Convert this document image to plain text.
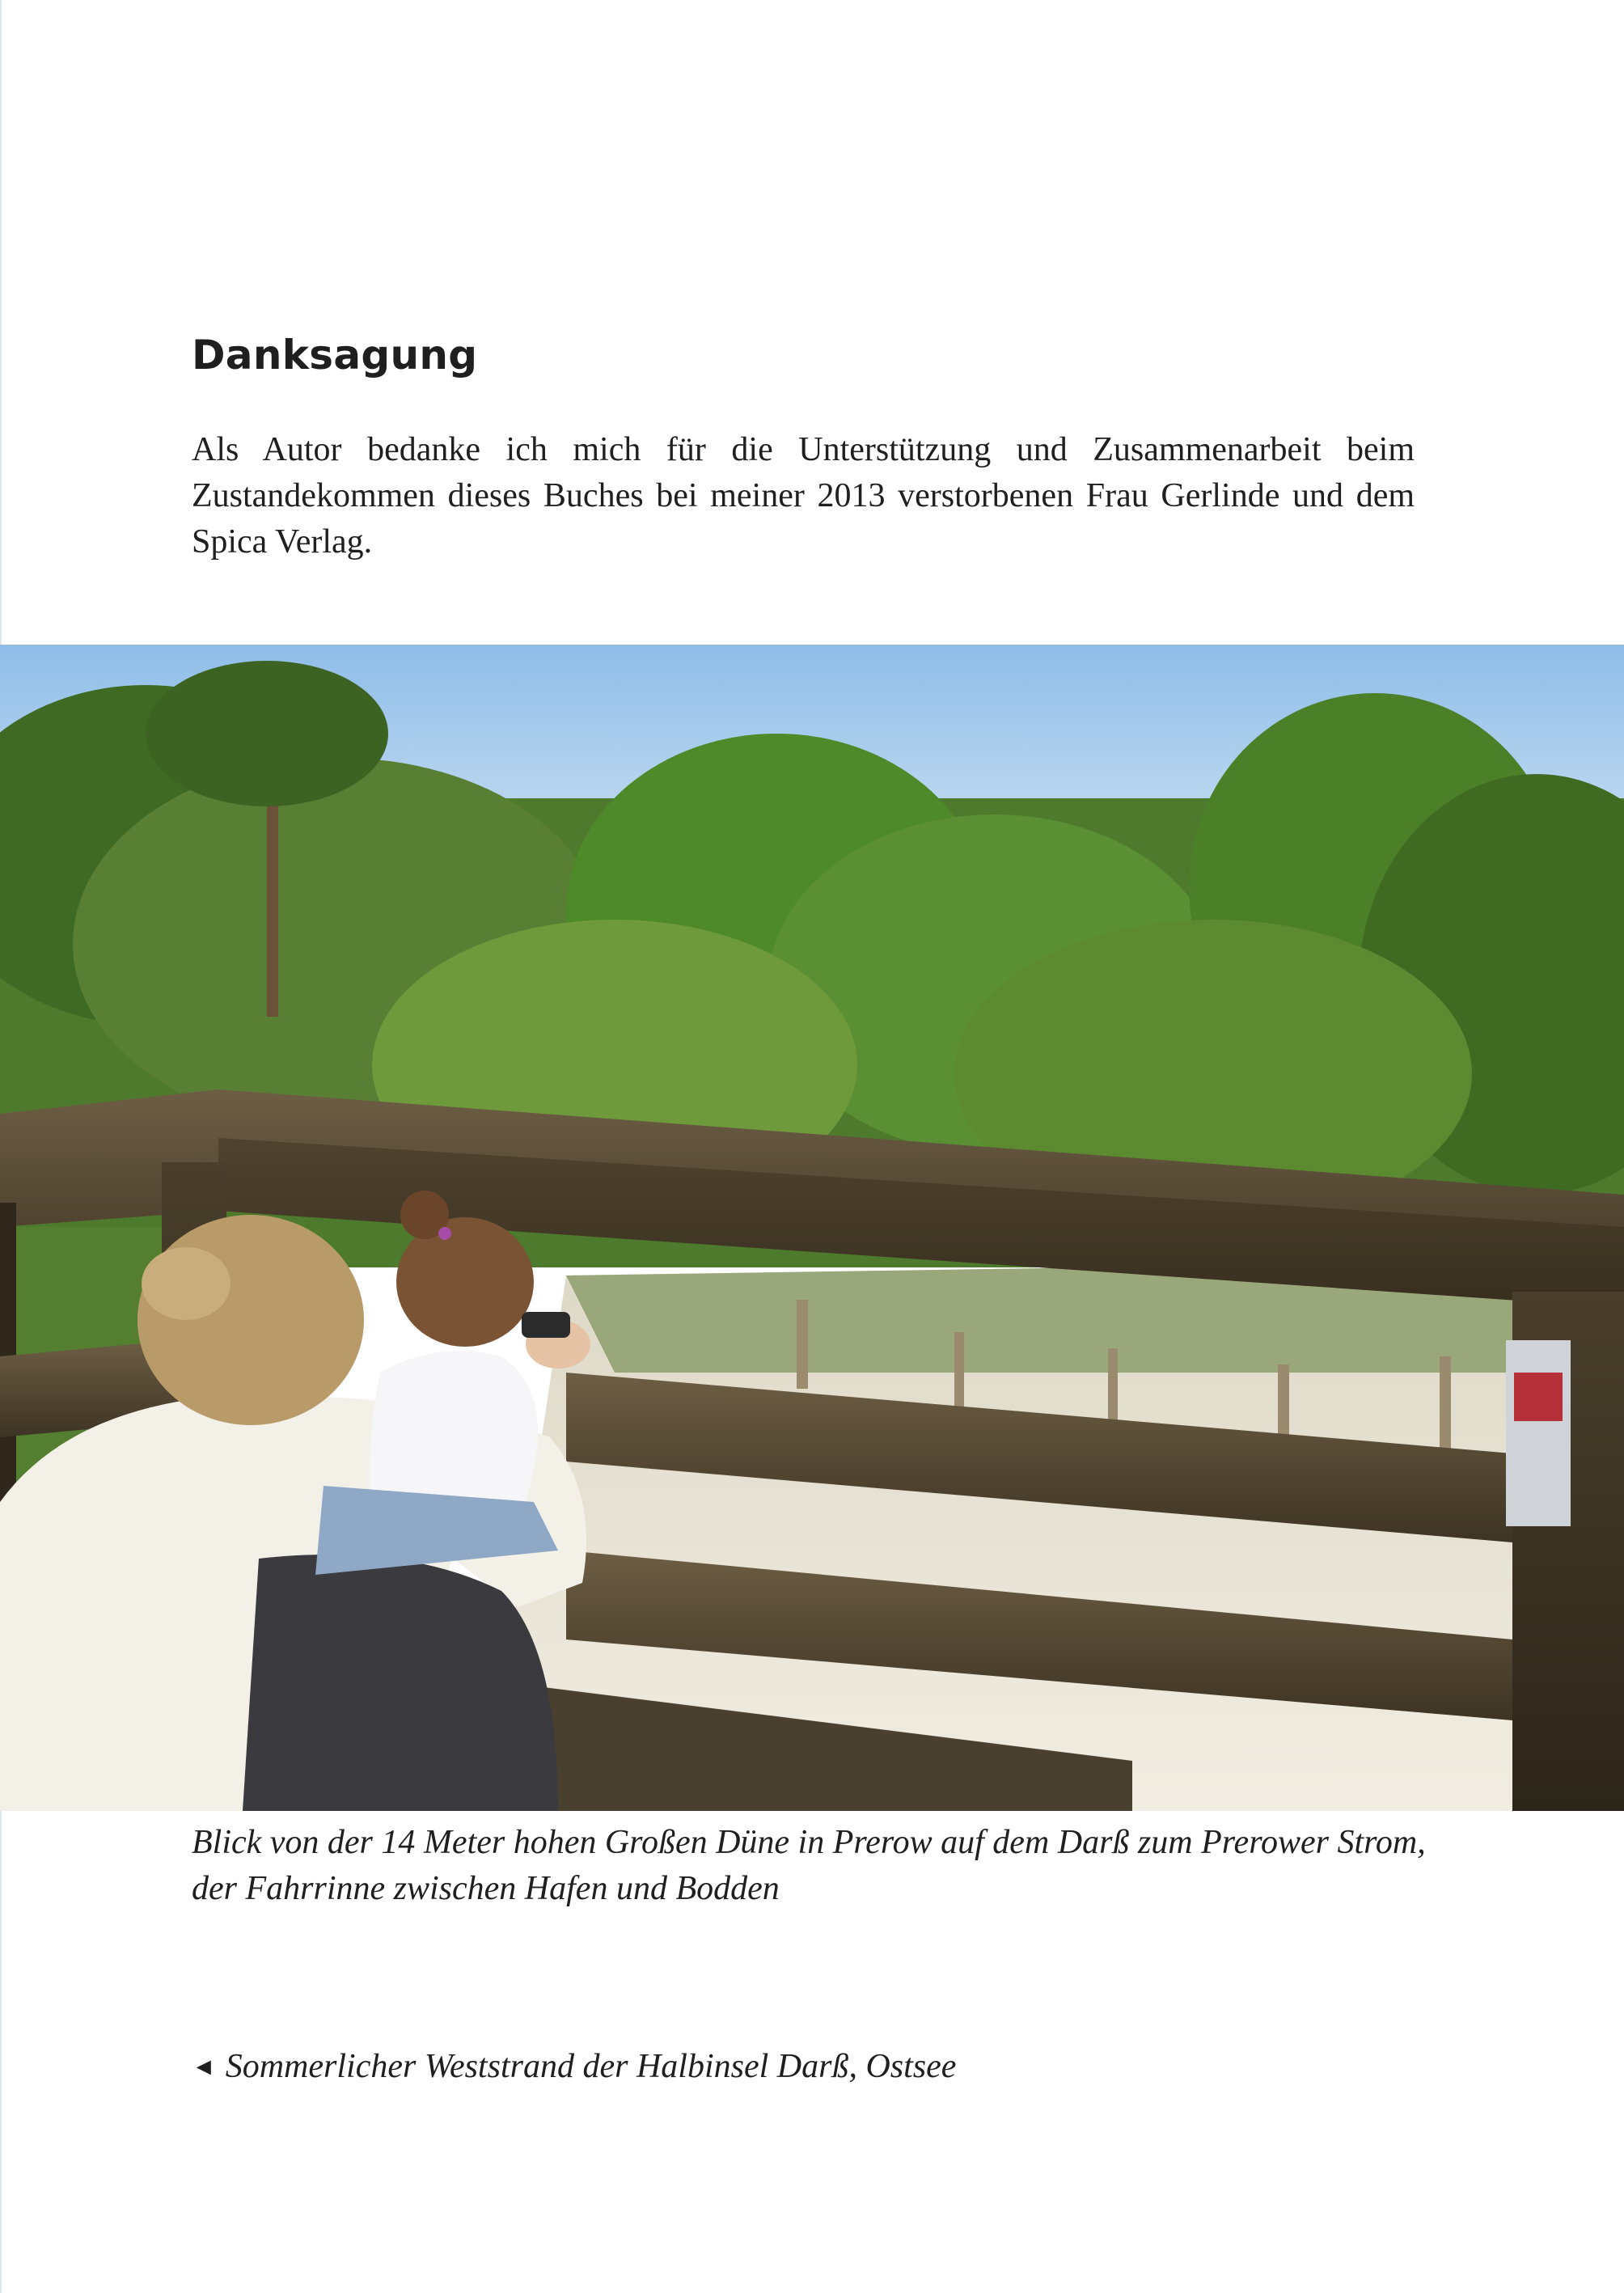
Danksagung

Als Autor bedanke ich mich für die Unterstützung und Zusammenarbeit beim Zustandekommen dieses Buches bei meiner 2013 verstorbenen Frau Gerlinde und dem Spica Verlag.

Blick von der 14 Meter hohen Großen Düne in Prerow auf dem Darß zum Prerower Strom, der Fahrrinne zwischen Hafen und Bodden

◄ Sommerlicher Weststrand der Halbinsel Darß, Ostsee
